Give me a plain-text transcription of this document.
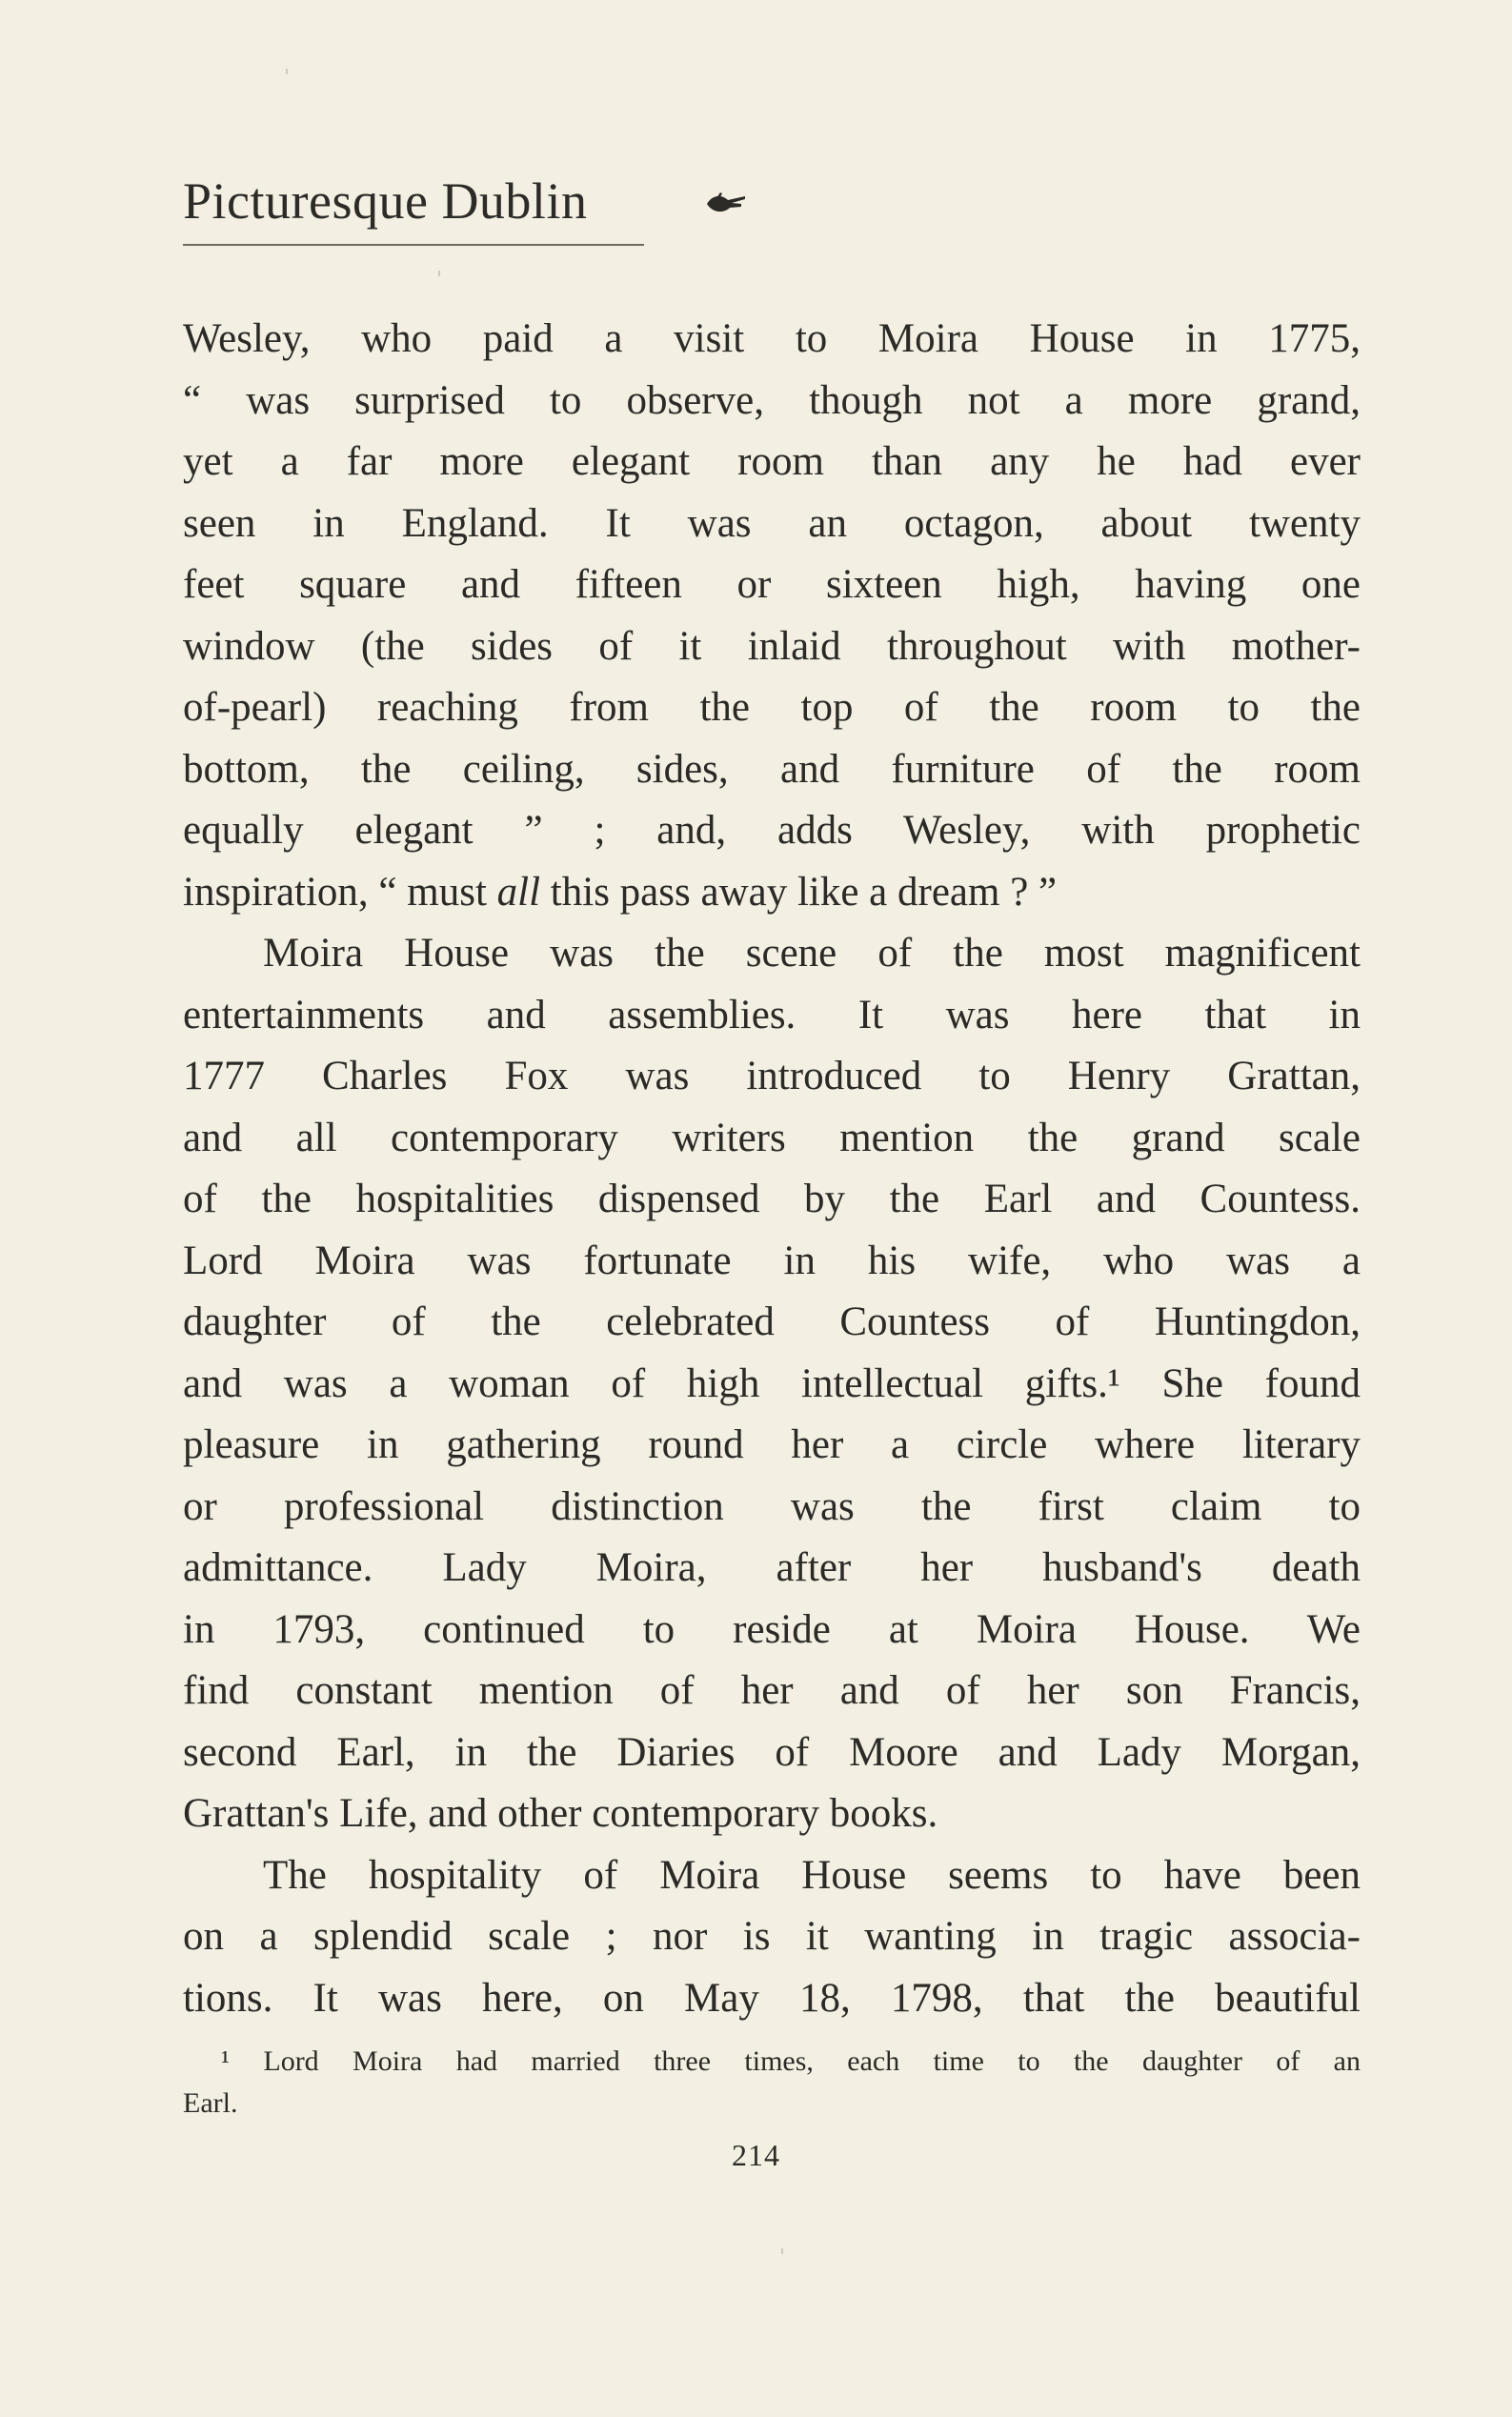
Picturesque Dublin
Wesley, who paid a visit to Moira House in 1775,
“ was surprised to observe, though not a more grand,
yet a far more elegant room than any he had ever
seen in England. It was an octagon, about twenty
feet square and fifteen or sixteen high, having one
window (the sides of it inlaid throughout with mother-
of-pearl) reaching from the top of the room to the
bottom, the ceiling, sides, and furniture of the room
equally elegant ” ; and, adds Wesley, with prophetic
inspiration, “ must all this pass away like a dream ? ”
Moira House was the scene of the most magnificent
entertainments and assemblies. It was here that in
1777 Charles Fox was introduced to Henry Grattan,
and all contemporary writers mention the grand scale
of the hospitalities dispensed by the Earl and Countess.
Lord Moira was fortunate in his wife, who was a
daughter of the celebrated Countess of Huntingdon,
and was a woman of high intellectual gifts.¹ She found
pleasure in gathering round her a circle where literary
or professional distinction was the first claim to
admittance. Lady Moira, after her husband's death
in 1793, continued to reside at Moira House. We
find constant mention of her and of her son Francis,
second Earl, in the Diaries of Moore and Lady Morgan,
Grattan's Life, and other contemporary books.
The hospitality of Moira House seems to have been
on a splendid scale ; nor is it wanting in tragic associa-
tions. It was here, on May 18, 1798, that the beautiful
¹ Lord Moira had married three times, each time to the daughter of an
Earl.
214
